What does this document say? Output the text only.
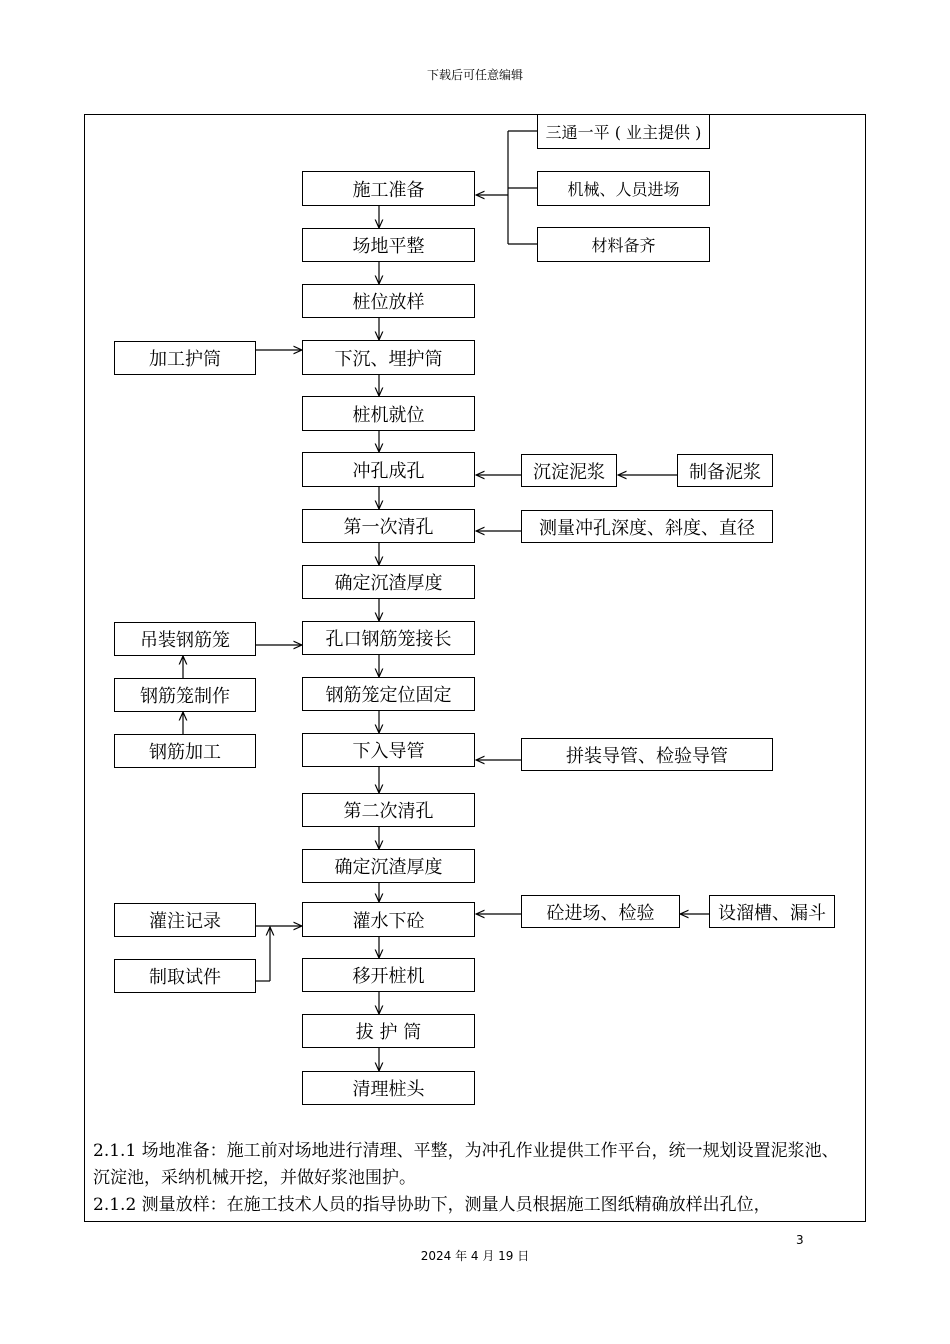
下载后可任意编辑
施工准备
场地平整
桩位放样
下沉、埋护筒
桩机就位
冲孔成孔
第一次清孔
确定沉渣厚度
孔口钢筋笼接长
钢筋笼定位固定
下入导管
第二次清孔
确定沉渣厚度
灌水下砼
移开桩机
拔 护 筒
清理桩头
三通一平 ( 业主提供 )
机械、人员进场
材料备齐
沉淀泥浆	制备泥浆
测量冲孔深度、斜度、直径
拼装导管、检验导管
砼进场、检验	设溜槽、漏斗
加工护筒
吊装钢筋笼
钢筋笼制作
钢筋加工
灌注记录
制取试件
2.1.1 场地准备：施工前对场地进行清理、平整，为冲孔作业提供工作平台，统一规划设置泥浆池、沉淀池，采纳机械开挖，并做好浆池围护。
2.1.2 测量放样：在施工技术人员的指导协助下，测量人员根据施工图纸精确放样出孔位，
3
2024 年 4 月 19 日
